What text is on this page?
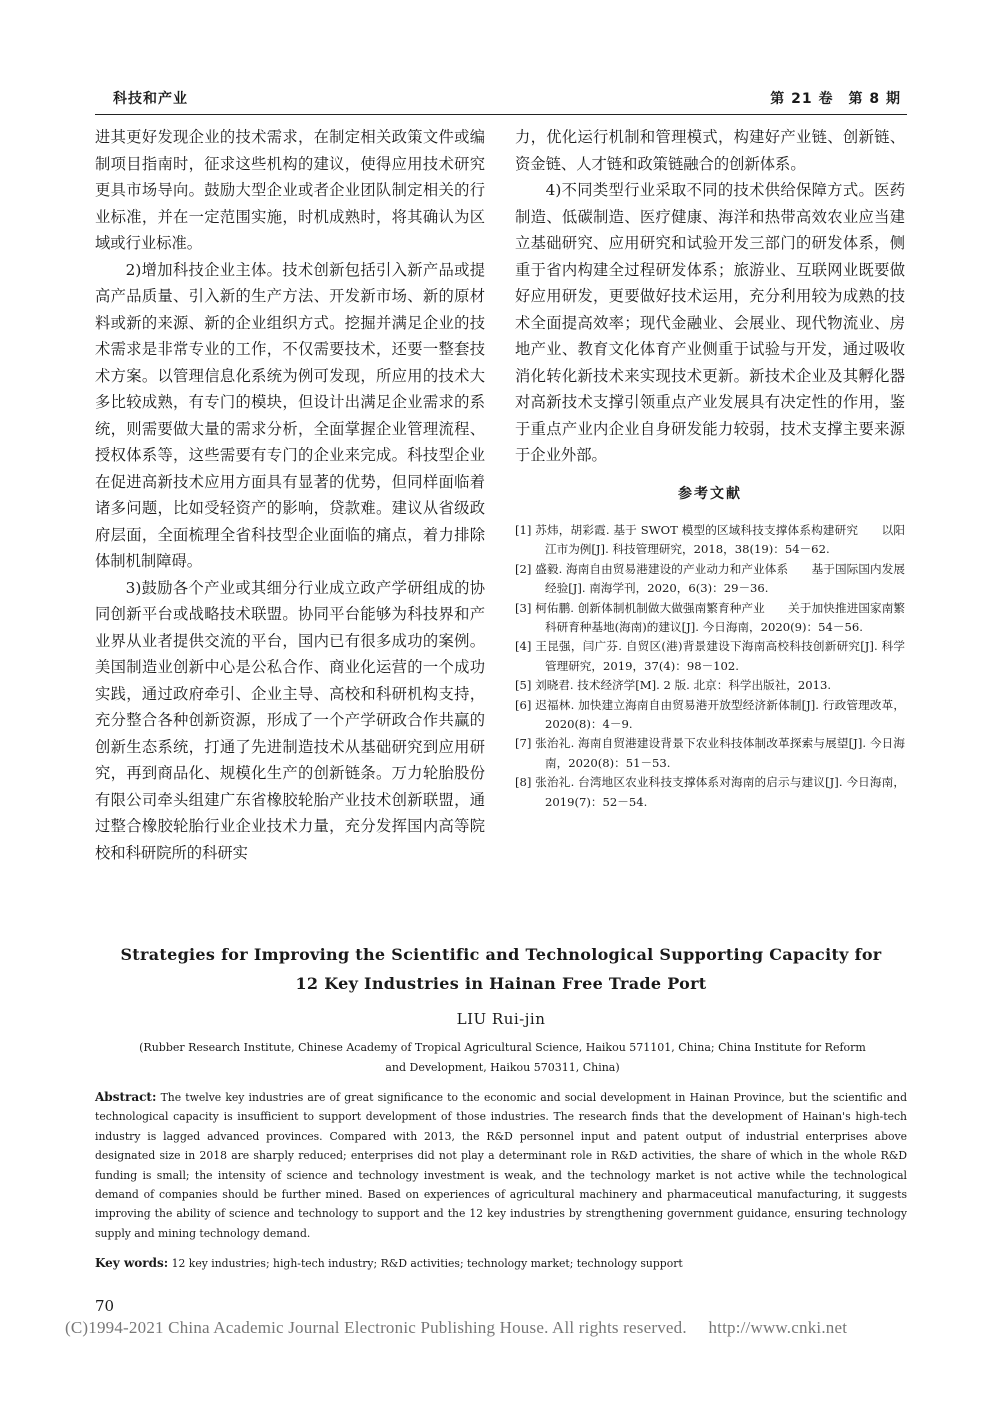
科技和产业	第 21 卷　第 8 期

进其更好发现企业的技术需求，在制定相关政策文件或编制项目指南时，征求这些机构的建议，使得应用技术研究更具市场导向。鼓励大型企业或者企业团队制定相关的行业标准，并在一定范围实施，时机成熟时，将其确认为区域或行业标准。

2)增加科技企业主体。技术创新包括引入新产品或提高产品质量、引入新的生产方法、开发新市场、新的原材料或新的来源、新的企业组织方式。挖掘并满足企业的技术需求是非常专业的工作，不仅需要技术，还要一整套技术方案。以管理信息化系统为例可发现，所应用的技术大多比较成熟，有专门的模块，但设计出满足企业需求的系统，则需要做大量的需求分析，全面掌握企业管理流程、授权体系等，这些需要有专门的企业来完成。科技型企业在促进高新技术应用方面具有显著的优势，但同样面临着诸多问题，比如受轻资产的影响，贷款难。建议从省级政府层面，全面梳理全省科技型企业面临的痛点，着力排除体制机制障碍。

3)鼓励各个产业或其细分行业成立政产学研组成的协同创新平台或战略技术联盟。协同平台能够为科技界和产业界从业者提供交流的平台，国内已有很多成功的案例。美国制造业创新中心是公私合作、商业化运营的一个成功实践，通过政府牵引、企业主导、高校和科研机构支持，充分整合各种创新资源，形成了一个产学研政合作共赢的创新生态系统，打通了先进制造技术从基础研究到应用研究，再到商品化、规模化生产的创新链条。万力轮胎股份有限公司牵头组建广东省橡胶轮胎产业技术创新联盟，通过整合橡胶轮胎行业企业技术力量，充分发挥国内高等院校和科研院所的科研实

力，优化运行机制和管理模式，构建好产业链、创新链、资金链、人才链和政策链融合的创新体系。

4)不同类型行业采取不同的技术供给保障方式。医药制造、低碳制造、医疗健康、海洋和热带高效农业应当建立基础研究、应用研究和试验开发三部门的研发体系，侧重于省内构建全过程研发体系；旅游业、互联网业既要做好应用研发，更要做好技术运用，充分利用较为成熟的技术全面提高效率；现代金融业、会展业、现代物流业、房地产业、教育文化体育产业侧重于试验与开发，通过吸收消化转化新技术来实现技术更新。新技术企业及其孵化器对高新技术支撑引领重点产业发展具有决定性的作用，鉴于重点产业内企业自身研发能力较弱，技术支撑主要来源于企业外部。

参考文献

[1] 苏炜，胡彩霞. 基于 SWOT 模型的区域科技支撑体系构建研究　　以阳江市为例[J]. 科技管理研究，2018，38(19)：54－62.

[2] 盛毅. 海南自由贸易港建设的产业动力和产业体系　　基于国际国内发展经验[J]. 南海学刊，2020，6(3)：29－36.

[3] 柯佑鹏. 创新体制机制做大做强南繁育种产业　　关于加快推进国家南繁科研育种基地(海南)的建议[J]. 今日海南，2020(9)：54－56.

[4] 王昆强，闫广芬. 自贸区(港)背景建设下海南高校科技创新研究[J]. 科学管理研究，2019，37(4)：98－102.

[5] 刘晓君. 技术经济学[M]. 2 版. 北京：科学出版社，2013.

[6] 迟福林. 加快建立海南自由贸易港开放型经济新体制[J]. 行政管理改革，2020(8)：4－9.

[7] 张治礼. 海南自贸港建设背景下农业科技体制改革探索与展望[J]. 今日海南，2020(8)：51－53.

[8] 张治礼. 台湾地区农业科技支撑体系对海南的启示与建议[J]. 今日海南，2019(7)：52－54.

Strategies for Improving the Scientific and Technological Supporting Capacity for
12 Key Industries in Hainan Free Trade Port
LIU Rui-jin
(Rubber Research Institute, Chinese Academy of Tropical Agricultural Science, Haikou 571101, China; China Institute for Reform and Development, Haikou 570311, China)
Abstract: The twelve key industries are of great significance to the economic and social development in Hainan Province, but the scientific and technological capacity is insufficient to support development of those industries. The research finds that the development of Hainan's high-tech industry is lagged advanced provinces. Compared with 2013, the R&D personnel input and patent output of industrial enterprises above designated size in 2018 are sharply reduced; enterprises did not play a determinant role in R&D activities, the share of which in the whole R&D funding is small; the intensity of science and technology investment is weak, and the technology market is not active while the technological demand of companies should be further mined. Based on experiences of agricultural machinery and pharmaceutical manufacturing, it suggests improving the ability of science and technology to support and the 12 key industries by strengthening government guidance, ensuring technology supply and mining technology demand.
Key words: 12 key industries; high-tech industry; R&D activities; technology market; technology support
70
(C)1994-2021 China Academic Journal Electronic Publishing House. All rights reserved.　 http://www.cnki.net
